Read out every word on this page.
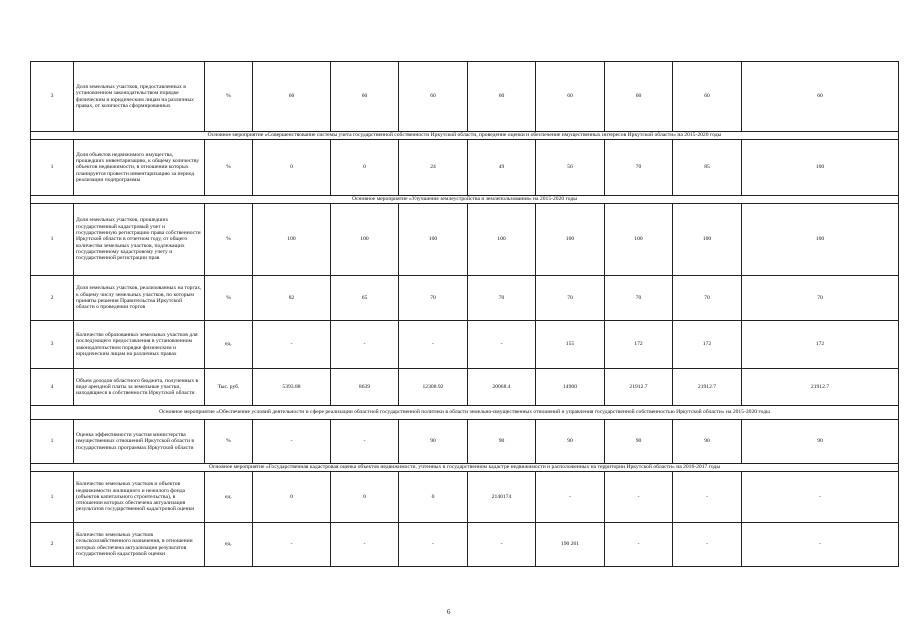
3	Доля земельных участков, предоставленных в установленном законодательством порядке физическим и юридическим лицам на различных правах, от количества сформированных	%	60	60	60	60	60	60	60	60
Основное мероприятие «Совершенствование системы учета государственной собственности Иркутской области, проведение оценки и обеспечение имущественных интересов Иркутской области» на 2015-2020 годы										
1	Доля объектов недвижимого имущества, прошедших инвентаризацию, к общему количеству объектов недвижимости, в отношении которых планируется провести инвентаризацию за период реализации подпрограммы	%	0	0	24	49	56	70	85	100
Основное мероприятие «Улучшение землеустройства и землепользования» на 2015-2020 годы										
1	Доля земельных участков, прошедших государственный кадастровый учет и государственную регистрацию права собственности Иркутской области в отчетном году, от общего количества земельных участков, подлежащих государственному кадастровому учету и государственной регистрации прав	%	100	100	100	100	100	100	100	100
2	Доля земельных участков, реализованных на торгах, к общему числу земельных участков, по которым приняты решения Правительства Иркутской области о проведении торгов	%	82	65	70	70	70	70	70	70
3	Количество образованных земельных участков для последующего предоставления в установленном законодательством порядке физическим и юридическим лицам на различных правах	ед.	-	-	-	-	155	172	172	172
4	Объем доходов областного бюджета, полученных в виде арендной платы за земельные участки, находящиеся в собственности Иркутской области	Тыс. руб.	5393.88	8639	12308.92	20068.4	14900	21912.7	21912.7	21912.7
Основное мероприятие «Обеспечение условий деятельности и сфере реализации областной государственной политики в области земельно-имущественных отношений и управления государственной собственностью Иркутской области» на 2015-2020 годы										
1	Оценка эффективности участия министерства имущественных отношений Иркутской области в государственных программах Иркутской области	%	-	-	90	90	90	90	90	90
Основное мероприятие «Государственная кадастровая оценка объектов недвижимости, учтенных в государственном кадастре недвижимости и расположенных на территории Иркутской области» на 2016-2017 годы										
1	Количество земельных участков и объектов недвижимости жилищного и нежилого фонда (объектов капитального строительства), в отношении которых обеспечена актуализация результатов государственной кадастровой оценки	ед.	0	0	0	2140174	-	-	-	-
2	Количество земельных участков сельскохозяйственного назначения, в отношении которых обеспечена актуализация результатов государственной кадастровой оценки	ед.	-	-	-	-	190 261	-	-	-
6
